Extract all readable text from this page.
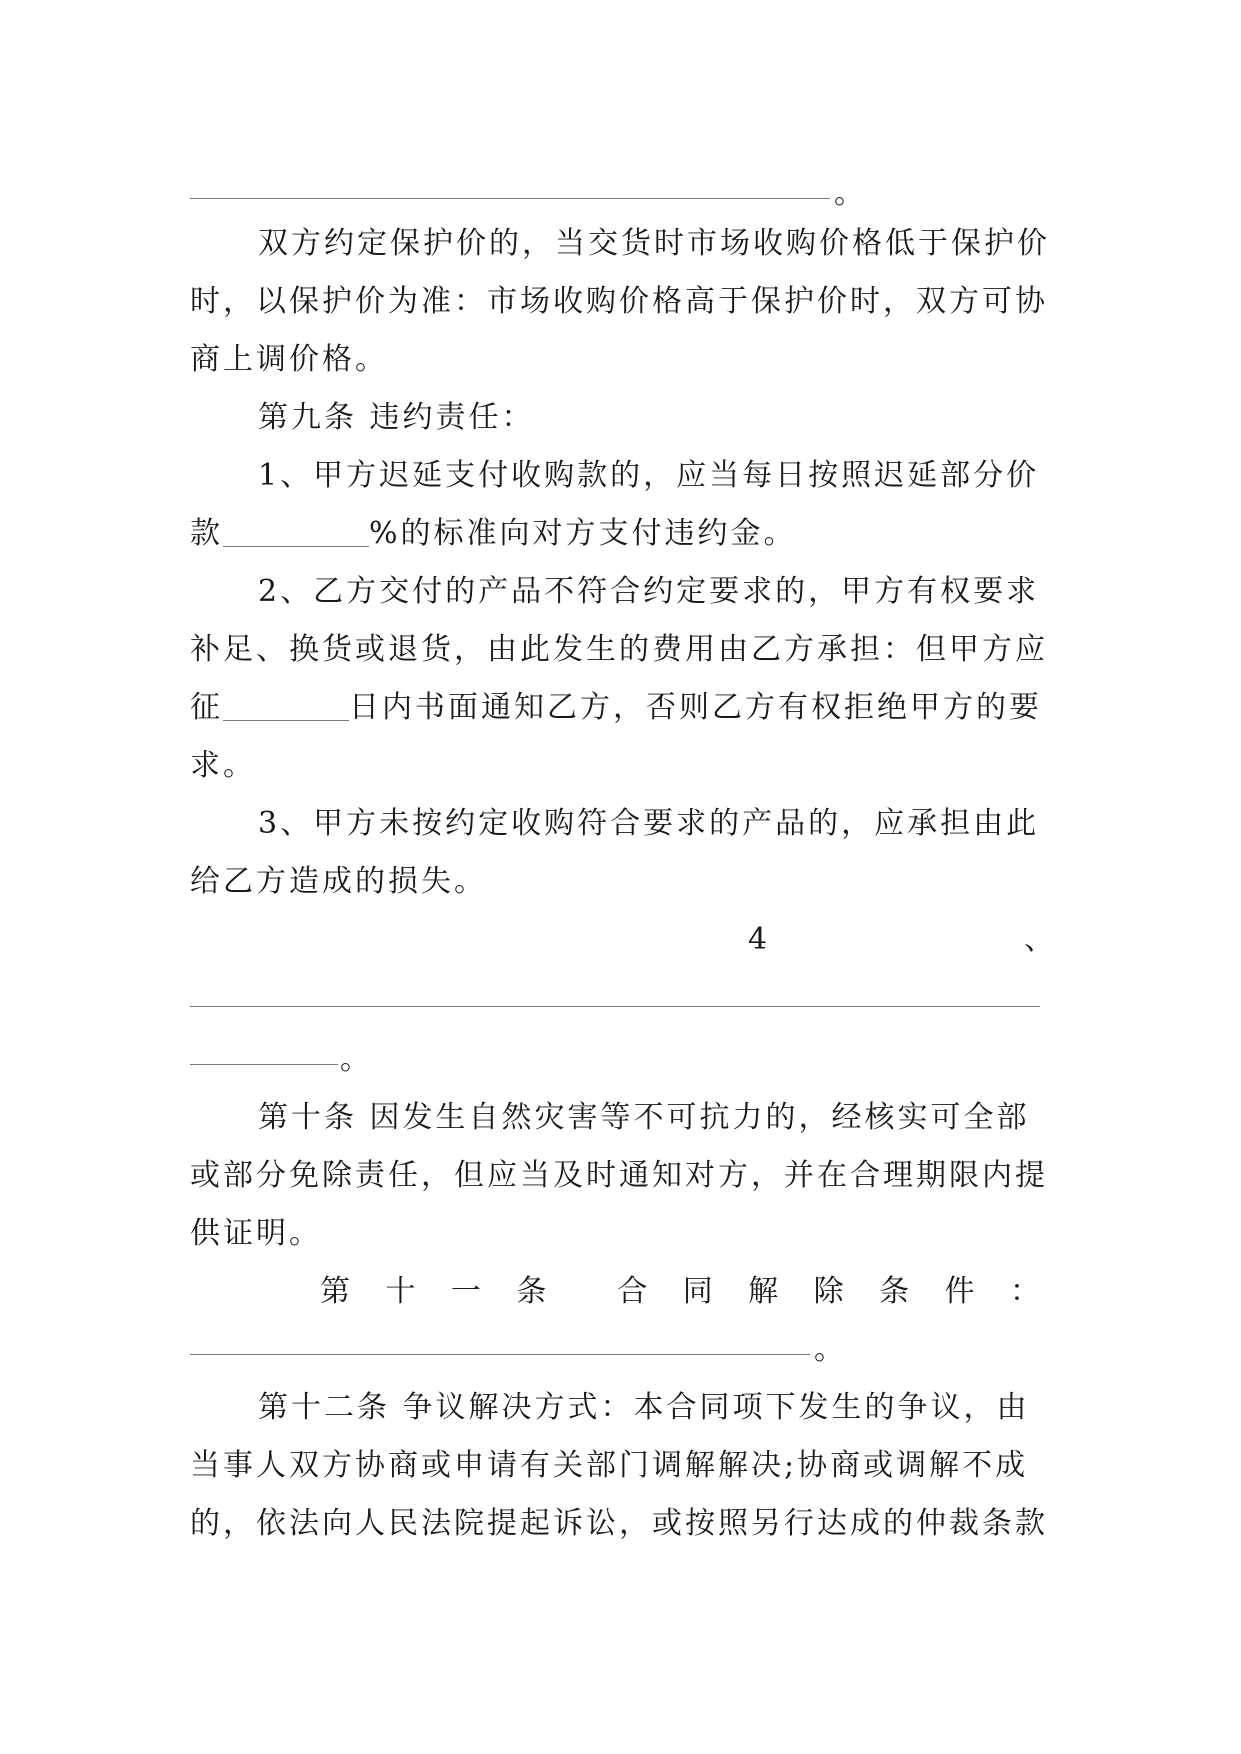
。
双方约定保护价的，当交货时市场收购价格低于保护价
时，以保护价为准：市场收购价格高于保护价时，双方可协
商上调价格。
第九条 违约责任：
1、甲方迟延支付收购款的，应当每日按照迟延部分价
款	%的标准向对方支付违约金。
2、乙方交付的产品不符合约定要求的，甲方有权要求
补足、换货或退货，由此发生的费用由乙方承担：但甲方应
征	日内书面通知乙方，否则乙方有权拒绝甲方的要
求。
3、甲方未按约定收购符合要求的产品的，应承担由此
给乙方造成的损失。
4	、
。
第十条 因发生自然灾害等不可抗力的，经核实可全部
或部分免除责任，但应当及时通知对方，并在合理期限内提
供证明。
第 十 一 条 合 同 解 除 条 件 ：
。
第十二条 争议解决方式：本合同项下发生的争议，由
当事人双方协商或申请有关部门调解解决;协商或调解不成
的，依法向人民法院提起诉讼，或按照另行达成的仲裁条款
